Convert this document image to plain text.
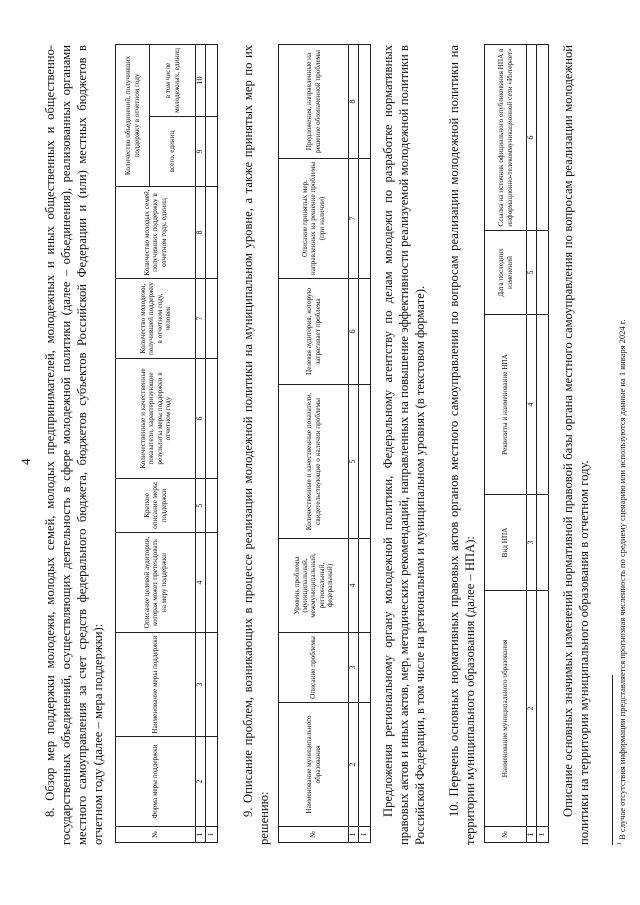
4

8. Обзор мер поддержки молодежи, молодых семей, молодых предпринимателей, молодежных и иных общественных и общественно-государственных объединений, осуществляющих деятельность в сфере молодежной политики (далее – объединения), реализованных органами местного самоуправления за счет средств федерального бюджета, бюджетов субъектов Российской Федерации и (или) местных бюджетов в отчетном году (далее – мера поддержки):	№	Форма меры поддержки	Наименование меры поддержки	Описание целевой аудитории, которая может претендовать на меру поддержки	Краткое описание меры поддержки	Количественные и качественные показатели, характеризующие результаты меры поддержки в отчетном году	Количество молодежи, получившей поддержку в отчетном году, человек	Количество молодых семей, получивших поддержку в отчетном году, единиц	Количество объединений, получивших поддержку в отчетном году	
								всего, единиц	в том числе молодежных, единиц
1	2	3	4	5	6	7	8	9	10
1									

9. Описание проблем, возникающих в процессе реализации молодежной политики на муниципальном уровне, а также принятых мер по их решению:	№	Наименование муниципального образования	Описание проблемы	Уровень проблемы (муниципальный, межмуниципальный, региональный, федеральный)	Количественные и качественные показатели, свидетельствующие о наличии проблемы	Целевая аудитория, которую затрагивает проблема	Описание принятых мер, направленных на решение проблемы (при наличии)	Предложения, направленные на решение обозначенной проблемы
1	2	3	4	5	6	7	8
1							

Предложения региональному органу молодежной политики, Федеральному агентству по делам молодежи по разработке нормативных правовых актов и иных актов, мер, методических рекомендаций, направленных на повышение эффективности реализуемой молодежной политики в Российской Федерации, в том числе на региональном и муниципальном уровнях (в текстовом формате). 10. Перечень основных нормативных правовых актов органов местного самоуправления по вопросам реализации молодежной политики на территории муниципального образования (далее – НПА):	№	Наименование муниципального образования	Вид НПА	Реквизиты и наименование НПА	Дата последних изменений	Ссылка на источник официального опубликования НПА в информационно-телекоммуникационной сети «Интернет»
1	2	3	4	5	6
1					

Описание основных значимых изменений нормативной правовой базы органа местного самоуправления по вопросам реализации молодежной политики на территории муниципального образования в отчетном году.	$^1$ В случае отсутствия информации представляется прогнозная численность по среднему сценарию или используются данные на 1 января 2024 г.
